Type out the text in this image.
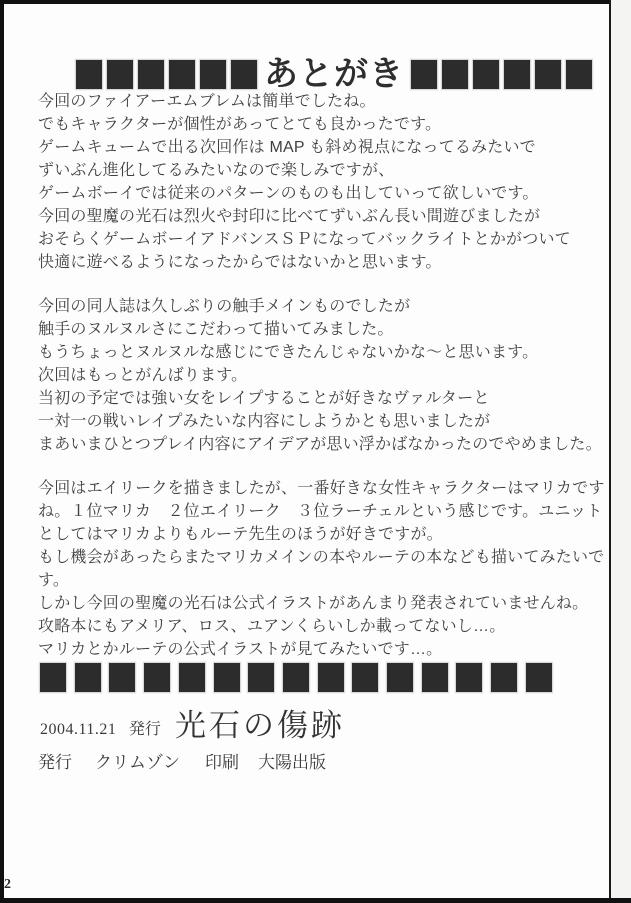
あとがき
今回のファイアーエムブレムは簡単でしたね。
でもキャラクターが個性があってとても良かったです。
ゲームキュームで出る次回作は MAP も斜め視点になってるみたいで
ずいぶん進化してるみたいなので楽しみですが、
ゲームボーイでは従来のパターンのものも出していって欲しいです。
今回の聖魔の光石は烈火や封印に比べてずいぶん長い間遊びましたが
おそらくゲームボーイアドバンスＳＰになってバックライトとかがついて
快適に遊べるようになったからではないかと思います。
今回の同人誌は久しぶりの触手メインものでしたが
触手のヌルヌルさにこだわって描いてみました。
もうちょっとヌルヌルな感じにできたんじゃないかな～と思います。
次回はもっとがんばります。
当初の予定では強い女をレイプすることが好きなヴァルターと
一対一の戦いレイプみたいな内容にしようかとも思いましたが
まあいまひとつプレイ内容にアイデアが思い浮かばなかったのでやめました。
今回はエイリークを描きましたが、一番好きな女性キャラクターはマリカです
ね。１位マリカ　２位エイリーク　３位ラーチェルという感じです。ユニット
としてはマリカよりもルーテ先生のほうが好きですが。
もし機会があったらまたマリカメインの本やルーテの本なども描いてみたいで
す。
しかし今回の聖魔の光石は公式イラストがあんまり発表されていませんね。
攻略本にもアメリア、ロス、ユアンくらいしか載ってないし…。
マリカとかルーテの公式イラストが見てみたいです…。
光石の傷跡
2004.11.21 発行
発行 クリムゾン 印刷 大陽出版
2
